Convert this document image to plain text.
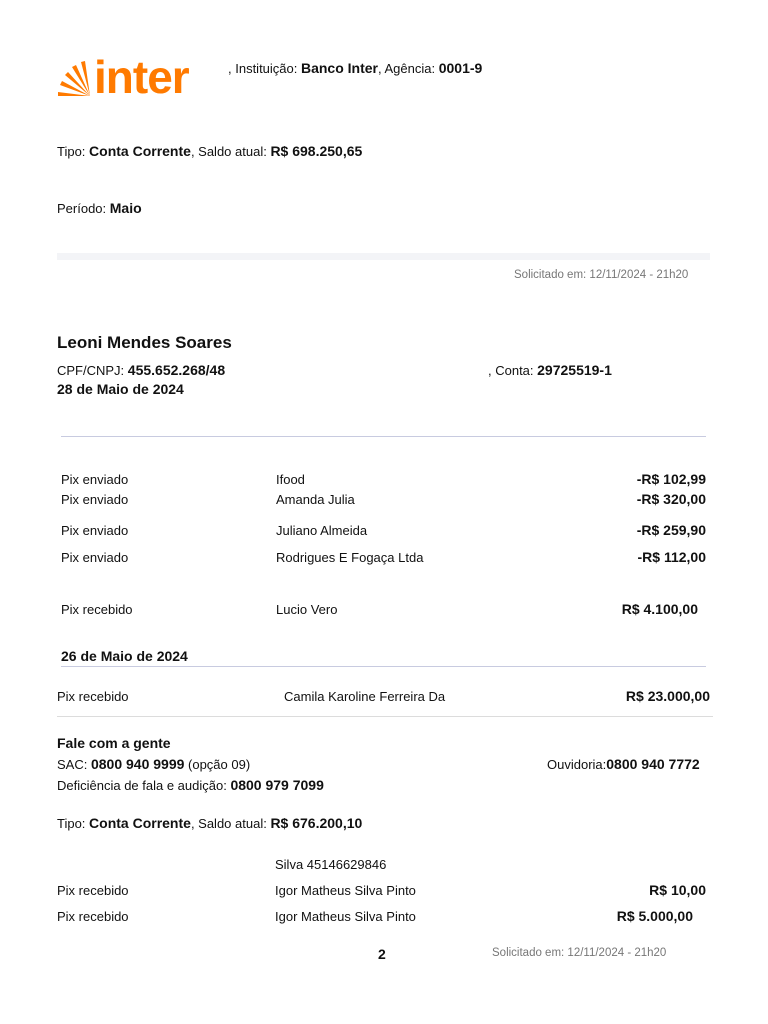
inter	, Instituição: Banco Inter, Agência: 0001-9
Tipo: Conta Corrente, Saldo atual: R$ 698.250,65
Período: Maio
Solicitado em: 12/11/2024 - 21h20
Leoni Mendes Soares
CPF/CNPJ: 455.652.268/48	, Conta: 29725519-1
28 de Maio de 2024
Pix enviado	Ifood	-R$ 102,99
Pix enviado	Amanda Julia	-R$ 320,00
Pix enviado	Juliano Almeida	-R$ 259,90
Pix enviado	Rodrigues E Fogaça Ltda	-R$ 112,00
Pix recebido	Lucio Vero	R$ 4.100,00
26 de Maio de 2024
Pix recebido	Camila Karoline Ferreira Da	R$ 23.000,00
Fale com a gente
SAC: 0800 940 9999 (opção 09)	Ouvidoria:0800 940 7772
Deficiência de fala e audição: 0800 979 7099
Tipo: Conta Corrente, Saldo atual: R$ 676.200,10
Silva 45146629846
Pix recebido	Igor Matheus Silva Pinto	R$ 10,00
Pix recebido	Igor Matheus Silva Pinto	R$ 5.000,00
2	Solicitado em: 12/11/2024 - 21h20
